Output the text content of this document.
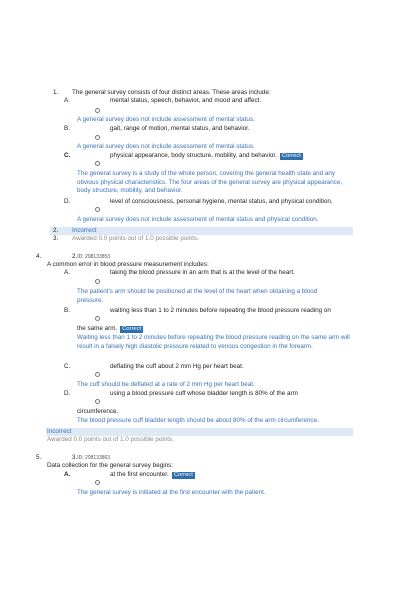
1. The general survey consists of four distinct areas. These areas include:
A.	mental status, speech, behavior, and mood and affect.
A general survey does not include assessment of mental status.
B.	gait, range of motion, mental status, and behavior.
A general survey does not include assessment of mental status.
C.	physical appearance, body structure, mobility, and behavior. Correct
The general survey is a study of the whole person, covering the general health state and any obvious physical characteristics. The four areas of the general survey are physical appearance, body structure, mobility, and behavior.
D.	level of consciousness, personal hygiene, mental status, and physical condition.
A general survey does not include assessment of mental status and physical condition.
2. Incorrect
3. Awarded 0.0 points out of 1.0 possible points.
4.	2.ID: 298133853
A common error in blood pressure measurement includes:
A.	taking the blood pressure in an arm that is at the level of the heart.
The patient's arm should be positioned at the level of the heart when obtaining a blood pressure.
B.	waiting less than 1 to 2 minutes before repeating the blood pressure reading on
the same arm. Correct
Waiting less than 1 to 2 minutes before repeating the blood pressure reading on the same arm will result in a falsely high diastolic pressure related to venous congestion in the forearm.
C.	deflating the cuff about 2 mm Hg per heart beat.
The cuff should be deflated at a rate of 2 mm Hg per heart beat.
D.	using a blood pressure cuff whose bladder length is 80% of the arm
circumference.
The blood pressure cuff bladder length should be about 80% of the arm circumference.
Incorrect
Awarded 0.0 points out of 1.0 possible points.
5.	3.ID: 298133863
Data collection for the general survey begins:
A.	at the first encounter. Correct
The general survey is initiated at the first encounter with the patient.
